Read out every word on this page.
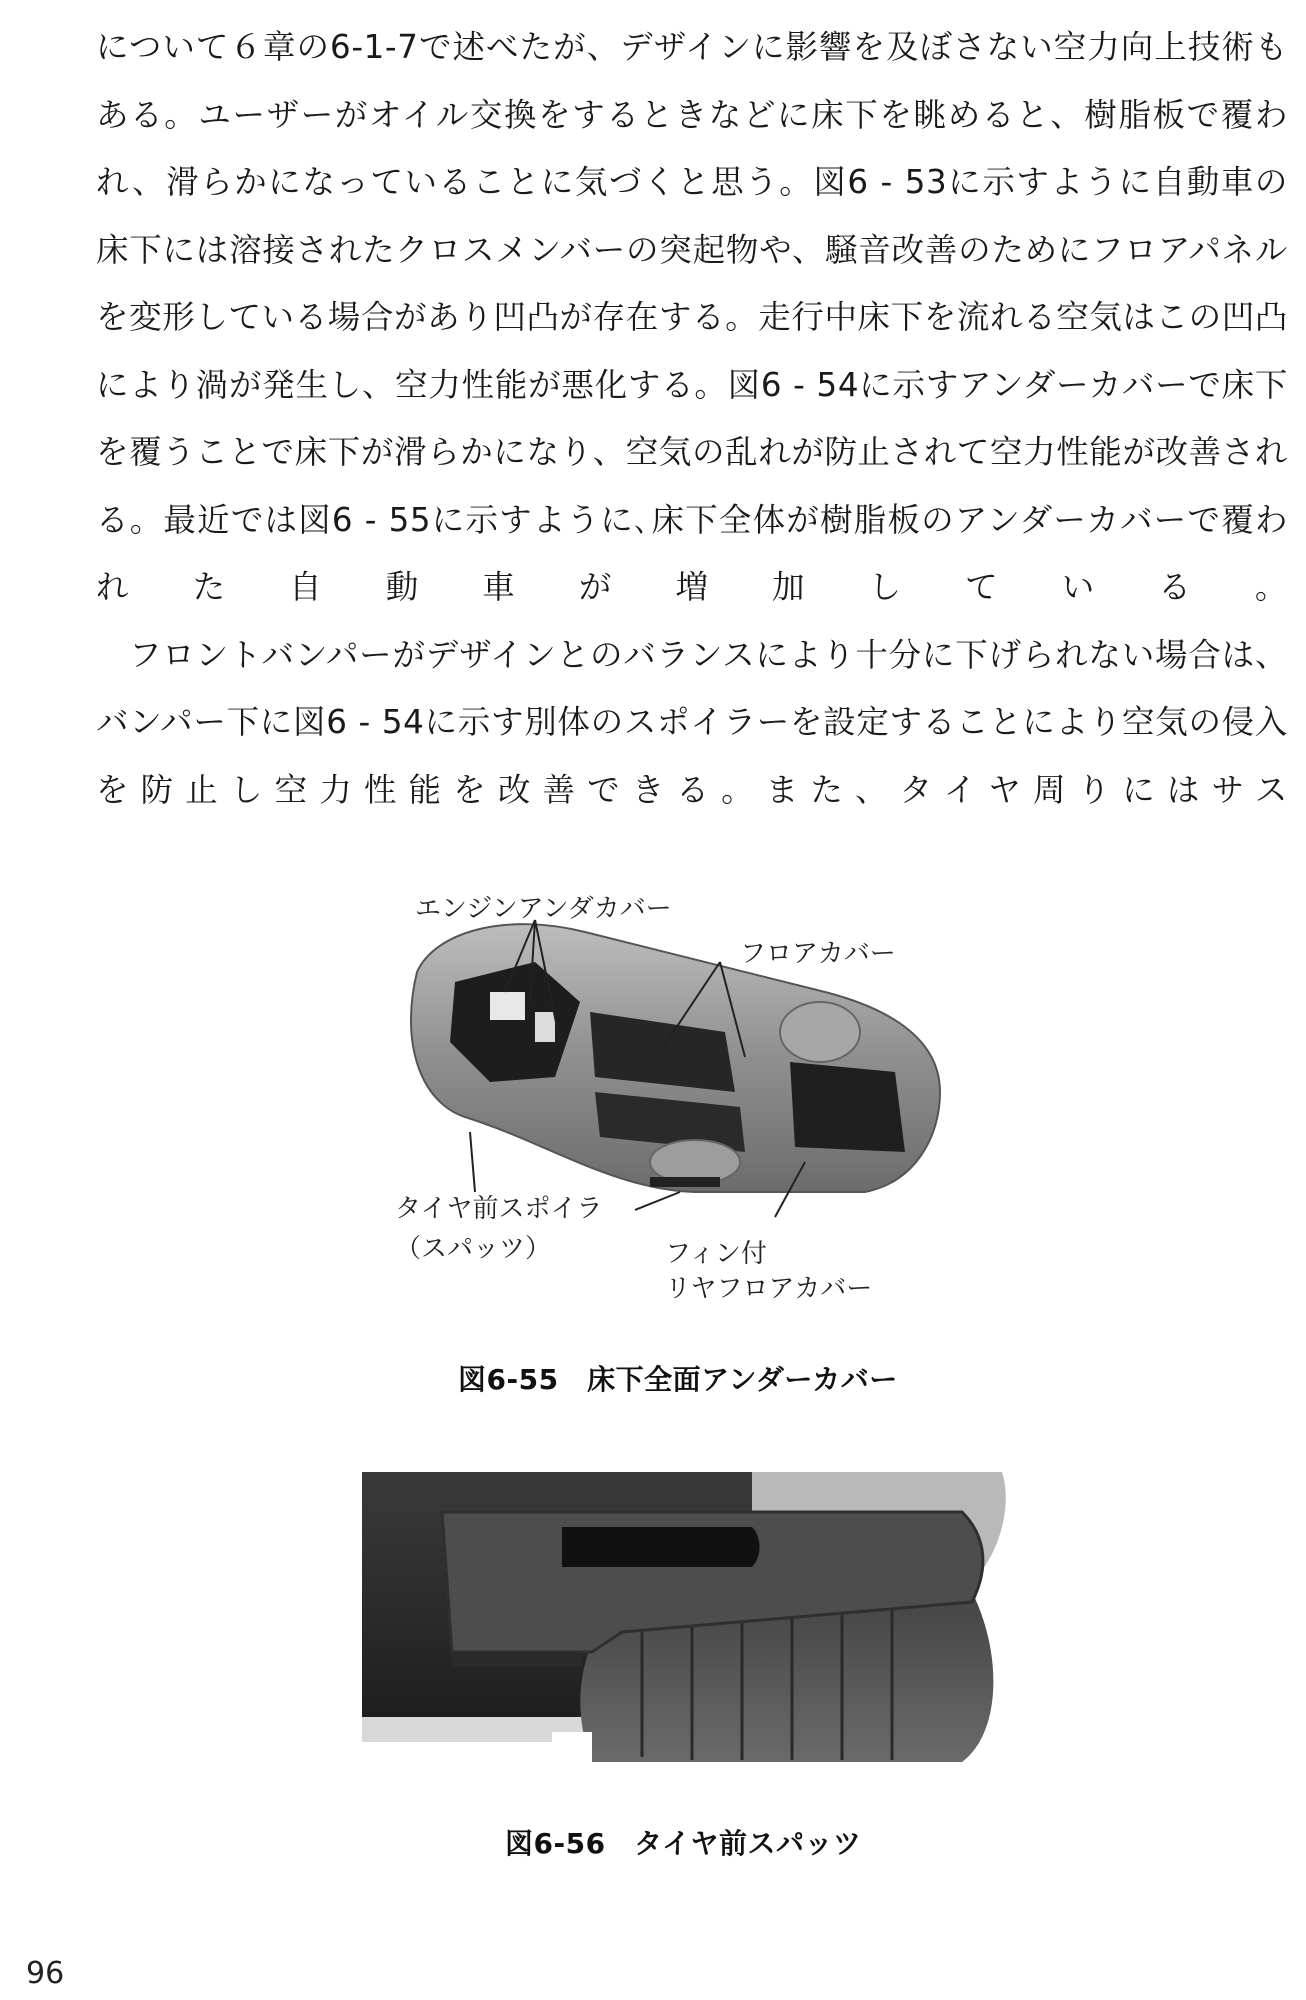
について６章の6-1-7で述べたが、デザインに影響を及ぼさない空力向上技術もある。ユーザーがオイル交換をするときなどに床下を眺めると、樹脂板で覆われ、滑らかになっていることに気づくと思う。図6 - 53に示すように自動車の床下には溶接されたクロスメンバーの突起物や、騒音改善のためにフロアパネルを変形している場合があり凹凸が存在する。走行中床下を流れる空気はこの凹凸により渦が発生し、空力性能が悪化する。図6 - 54に示すアンダーカバーで床下を覆うことで床下が滑らかになり、空気の乱れが防止されて空力性能が改善される。最近では図6 - 55に示すように､床下全体が樹脂板のアンダーカバーで覆われた自動車が増加している。

フロントバンパーがデザインとのバランスにより十分に下げられない場合は、バンパー下に図6 - 54に示す別体のスポイラーを設定することにより空気の侵入を防止し空力性能を改善できる。また、タイヤ周りにはサス

エンジンアンダカバー
フロアカバー
タイヤ前スポイラ
（スパッツ）	フィン付
リヤフロアカバー
図6-55　床下全面アンダーカバー
図6-56　タイヤ前スパッツ
96
